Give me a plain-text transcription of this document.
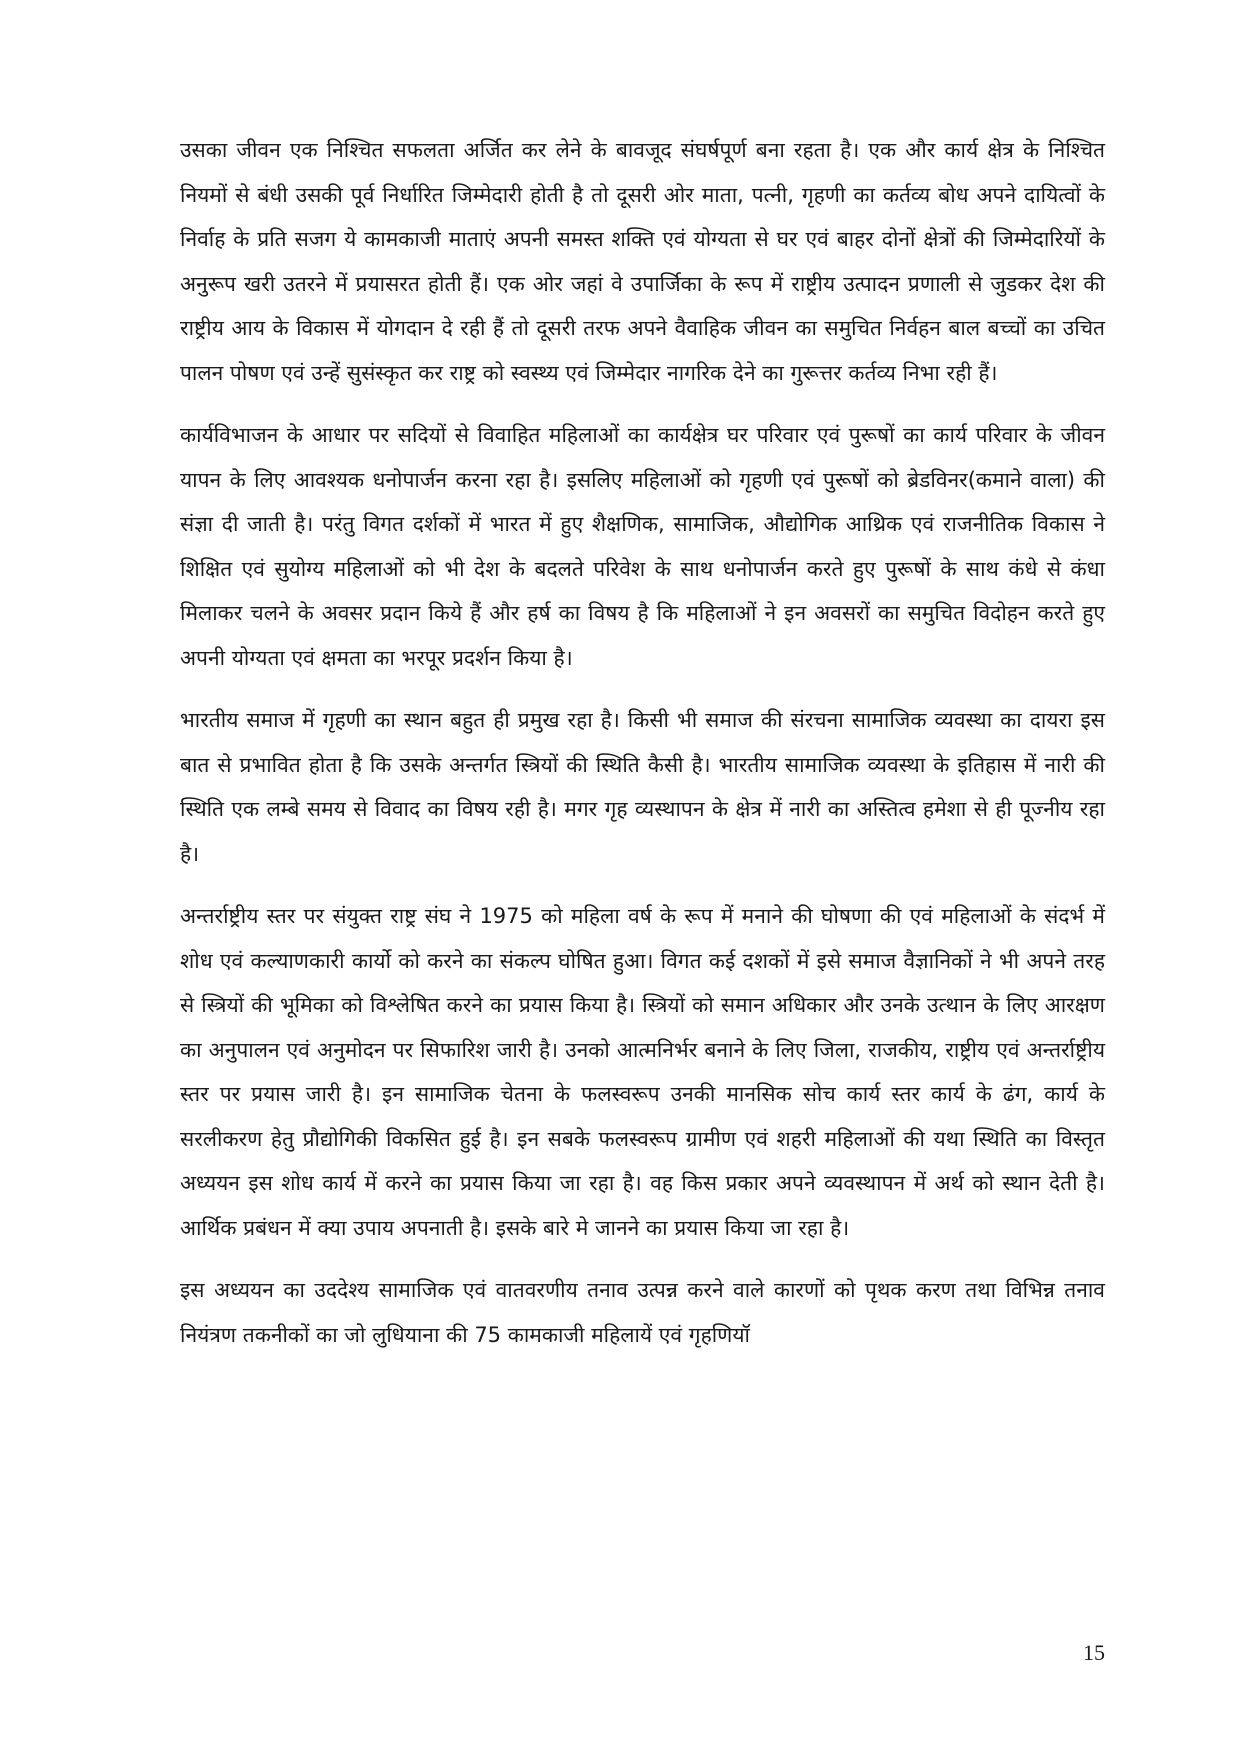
उसका जीवन एक निश्चित सफलता अर्जित कर लेने के बावजूद संघर्षपूर्ण बना रहता है। एक और कार्य क्षेत्र के निश्चित नियमों से बंधी उसकी पूर्व निर्धारित जिम्मेदारी होती है तो दूसरी ओर माता, पत्नी, गृहणी का कर्तव्य बोध अपने दायित्वों के निर्वाह के प्रति सजग ये कामकाजी माताएं अपनी समस्त शक्ति एवं योग्यता से घर एवं बाहर दोनों क्षेत्रों की जिम्मेदारियों के अनुरूप खरी उतरने में प्रयासरत होती हैं। एक ओर जहां वे उपार्जिका के रूप में राष्ट्रीय उत्पादन प्रणाली से जुडकर देश की राष्ट्रीय आय के विकास में योगदान दे रही हैं तो दूसरी तरफ अपने वैवाहिक जीवन का समुचित निर्वहन बाल बच्चों का उचित पालन पोषण एवं उन्हें सुसंस्कृत कर राष्ट्र को स्वस्थ्य एवं जिम्मेदार नागरिक देने का गुरूत्तर कर्तव्य निभा रही हैं।

कार्यविभाजन के आधार पर सदियों से विवाहित महिलाओं का कार्यक्षेत्र घर परिवार एवं पुरूषों का कार्य परिवार के जीवन यापन के लिए आवश्यक धनोपार्जन करना रहा है। इसलिए महिलाओं को गृहणी एवं पुरूषों को ब्रेडविनर(कमाने वाला) की संज्ञा दी जाती है। परंतु विगत दर्शकों में भारत में हुए शैक्षणिक, सामाजिक, औद्योगिक आथ्रिक एवं राजनीतिक विकास ने शिक्षित एवं सुयोग्य महिलाओं को भी देश के बदलते परिवेश के साथ धनोपार्जन करते हुए पुरूषों के साथ कंधे से कंधा मिलाकर चलने के अवसर प्रदान किये हैं और हर्ष का विषय है कि महिलाओं ने इन अवसरों का समुचित विदोहन करते हुए अपनी योग्यता एवं क्षमता का भरपूर प्रदर्शन किया है।

भारतीय समाज में गृहणी का स्थान बहुत ही प्रमुख रहा है। किसी भी समाज की संरचना सामाजिक व्यवस्था का दायरा इस बात से प्रभावित होता है कि उसके अन्तर्गत स्त्रियों की स्थिति कैसी है। भारतीय सामाजिक व्यवस्था के इतिहास में नारी की स्थिति एक लम्बे समय से विवाद का विषय रही है। मगर गृह व्यस्थापन के क्षेत्र में नारी का अस्तित्व हमेशा से ही पूज्नीय रहा है।

अन्तर्राष्ट्रीय स्तर पर संयुक्त राष्ट्र संघ ने 1975 को महिला वर्ष के रूप में मनाने की घोषणा की एवं महिलाओं के संदर्भ में शोध एवं कल्याणकारी कार्यो को करने का संकल्प घोषित हुआ। विगत कई दशकों में इसे समाज वैज्ञानिकों ने भी अपने तरह से स्त्रियों की भूमिका को विश्लेषित करने का प्रयास किया है। स्त्रियों को समान अधिकार और उनके उत्थान के लिए आरक्षण का अनुपालन एवं अनुमोदन पर सिफारिश जारी है। उनको आत्मनिर्भर बनाने के लिए जिला, राजकीय, राष्ट्रीय एवं अन्तर्राष्ट्रीय स्तर पर प्रयास जारी है। इन सामाजिक चेतना के फलस्वरूप उनकी मानसिक सोच कार्य स्तर कार्य के ढंग, कार्य के सरलीकरण हेतु प्रौद्योगिकी विकसित हुई है। इन सबके फलस्वरूप ग्रामीण एवं शहरी महिलाओं की यथा स्थिति का विस्तृत अध्ययन इस शोध कार्य में करने का प्रयास किया जा रहा है। वह किस प्रकार अपने व्यवस्थापन में अर्थ को स्थान देती है। आर्थिक प्रबंधन में क्या उपाय अपनाती है। इसके बारे मे जानने का प्रयास किया जा रहा है।

इस अध्ययन का उददेश्य सामाजिक एवं वातवरणीय तनाव उत्पन्न करने वाले कारणों को पृथक करण तथा विभिन्न तनाव नियंत्रण तकनीकों का जो लुधियाना की 75 कामकाजी महिलायें एवं गृहणियॉ

15
